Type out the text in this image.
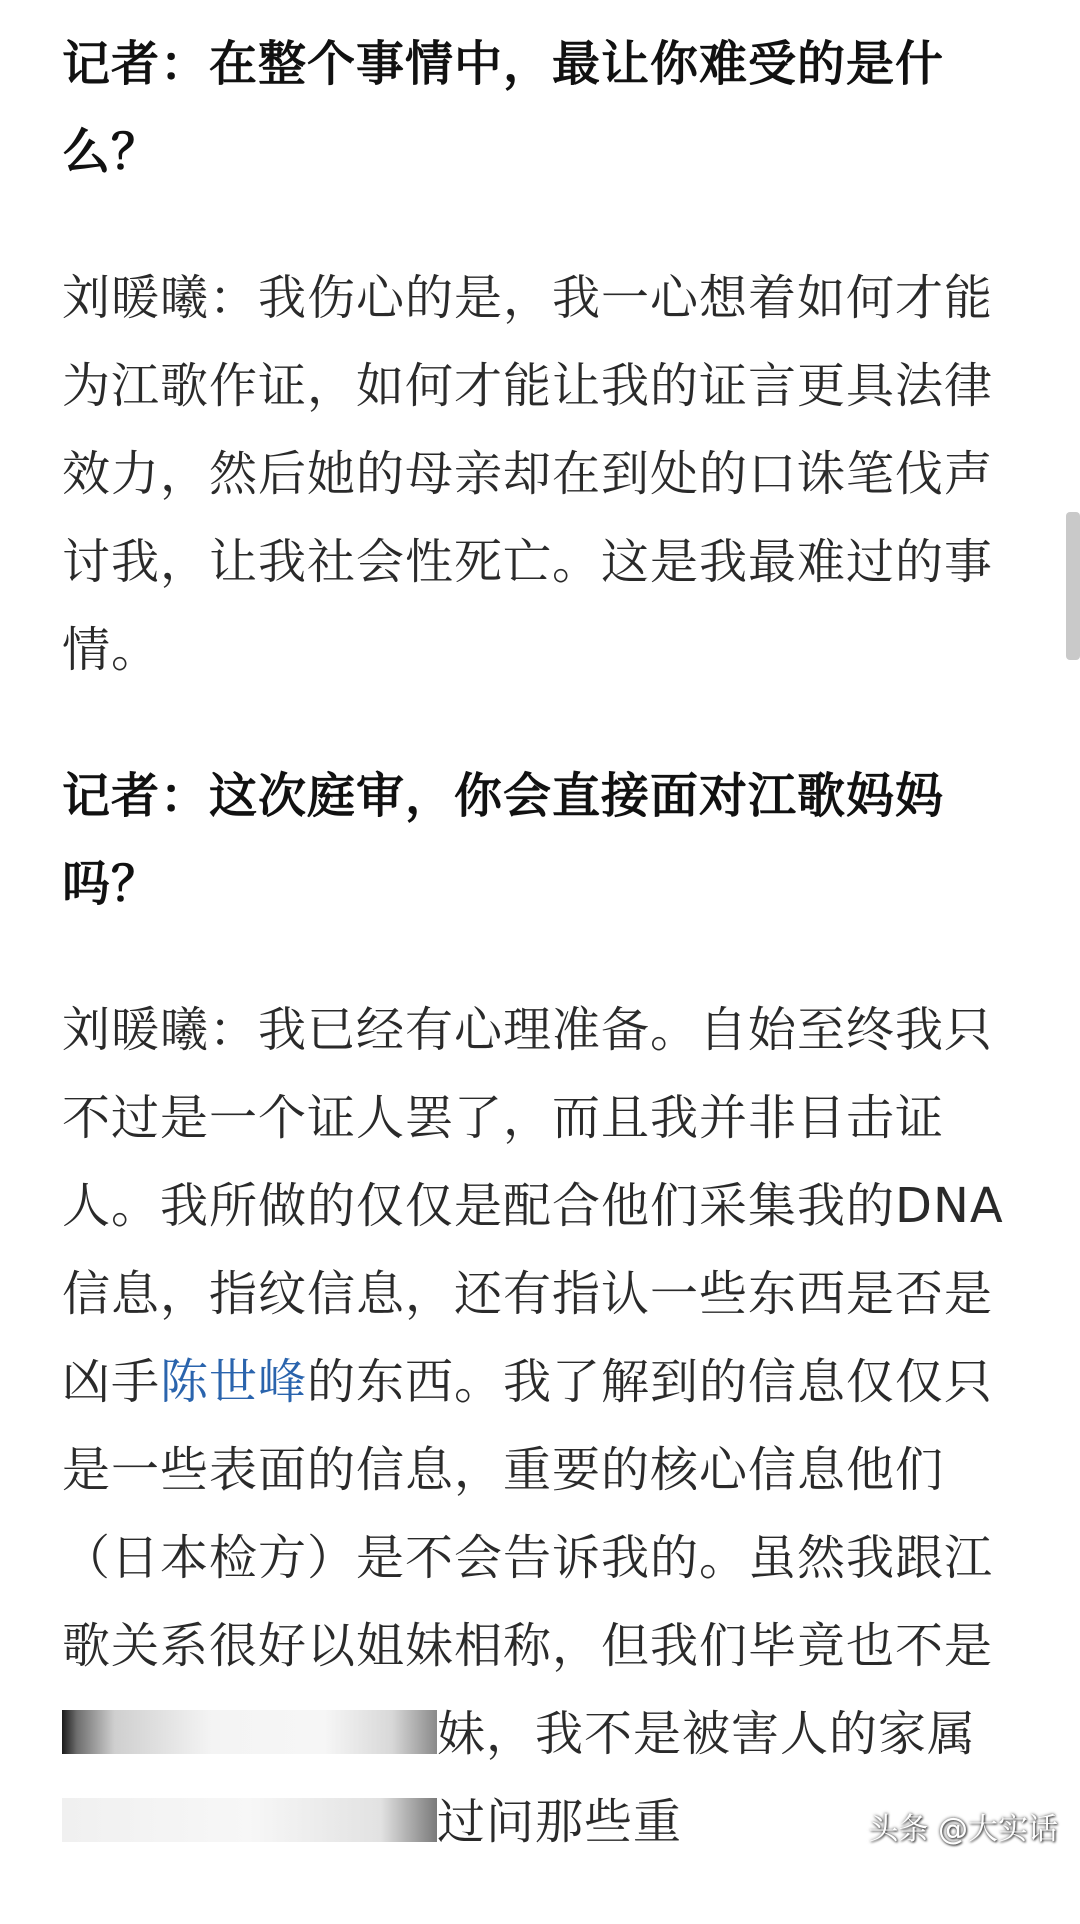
记者：在整个事情中，最让你难受的是什么？

刘暖曦：我伤心的是，我一心想着如何才能为江歌作证，如何才能让我的证言更具法律效力，然后她的母亲却在到处的口诛笔伐声讨我，让我社会性死亡。这是我最难过的事情。

记者：这次庭审，你会直接面对江歌妈妈吗？

刘暖曦：我已经有心理准备。自始至终我只不过是一个证人罢了，而且我并非目击证人。我所做的仅仅是配合他们采集我的DNA信息，指纹信息，还有指认一些东西是否是凶手陈世峰的东西。我了解到的信息仅仅只是一些表面的信息，重要的核心信息他们（日本检方）是不会告诉我的。虽然我跟江歌关系很好以姐妹相称，但我们毕竟也不是妹，我不是被害人的家属过问那些重	头条 @大实话
